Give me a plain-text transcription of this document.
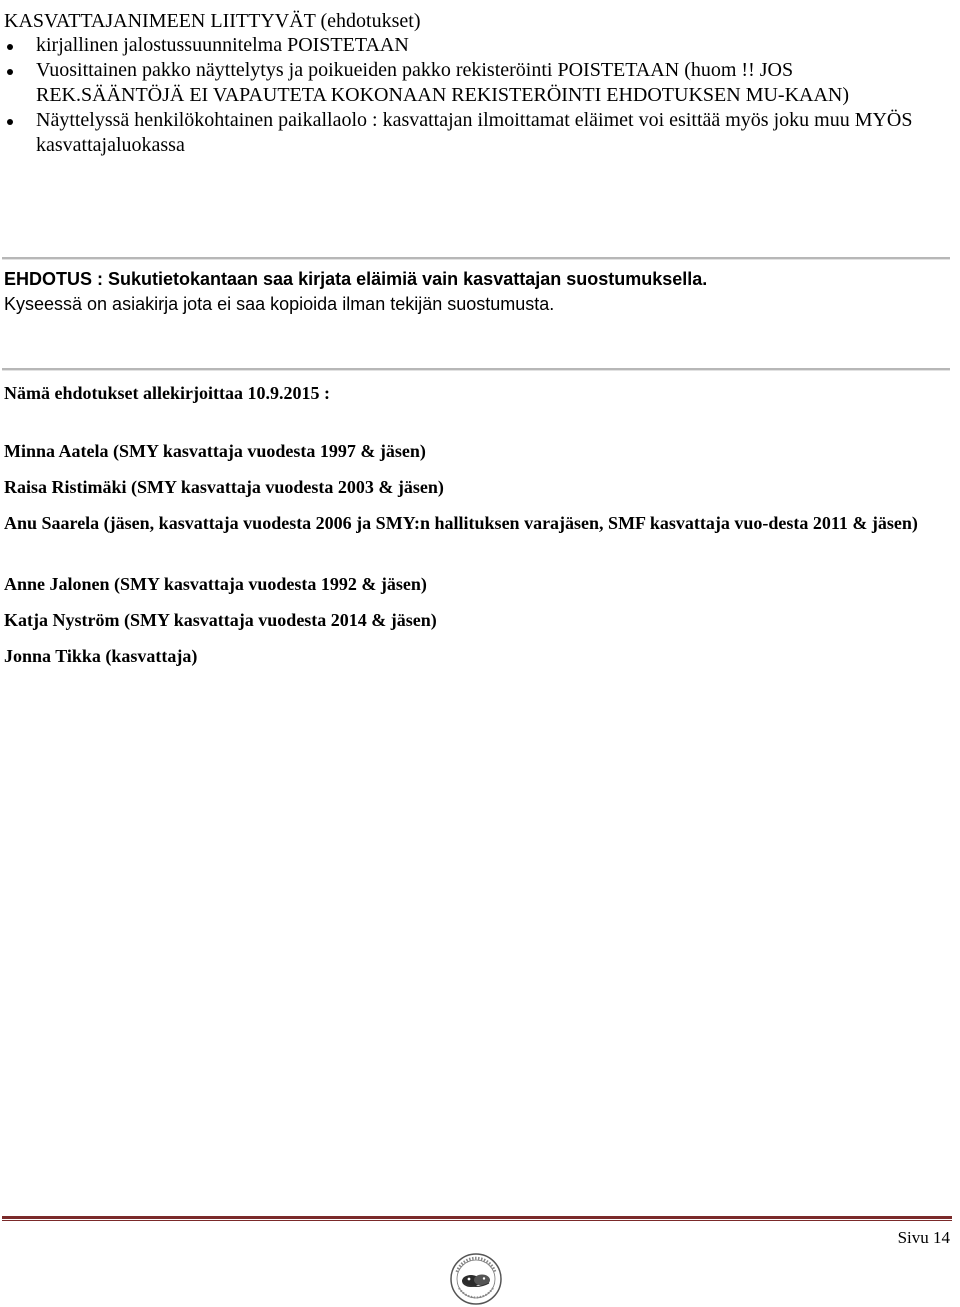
KASVATTAJANIMEEN LIITTYVÄT (ehdotukset)
kirjallinen jalostussuunnitelma POISTETAAN
Vuosittainen pakko näyttelytys ja poikueiden pakko rekisteröinti POISTETAAN (huom !! JOS REK.SÄÄNTÖJÄ EI VAPAUTETA KOKONAAN REKISTERÖINTI EHDOTUKSEN MU-KAAN)
Näyttelyssä henkilökohtainen paikallaolo : kasvattajan ilmoittamat eläimet voi esittää myös joku muu MYÖS kasvattajaluokassa
EHDOTUS : Sukutietokantaan saa kirjata eläimiä vain kasvattajan suostumuksella.
Kyseessä on asiakirja jota ei saa kopioida ilman tekijän suostumusta.
Nämä ehdotukset allekirjoittaa 10.9.2015 :
Minna Aatela (SMY kasvattaja vuodesta 1997 & jäsen)
Raisa Ristimäki (SMY kasvattaja vuodesta 2003 & jäsen)
Anu Saarela (jäsen, kasvattaja vuodesta 2006 ja SMY:n hallituksen varajäsen, SMF kasvattaja vuo-desta 2011 & jäsen)
Anne Jalonen (SMY kasvattaja vuodesta 1992 & jäsen)
Katja Nyström (SMY kasvattaja vuodesta 2014 & jäsen)
Jonna Tikka (kasvattaja)
Sivu 14
